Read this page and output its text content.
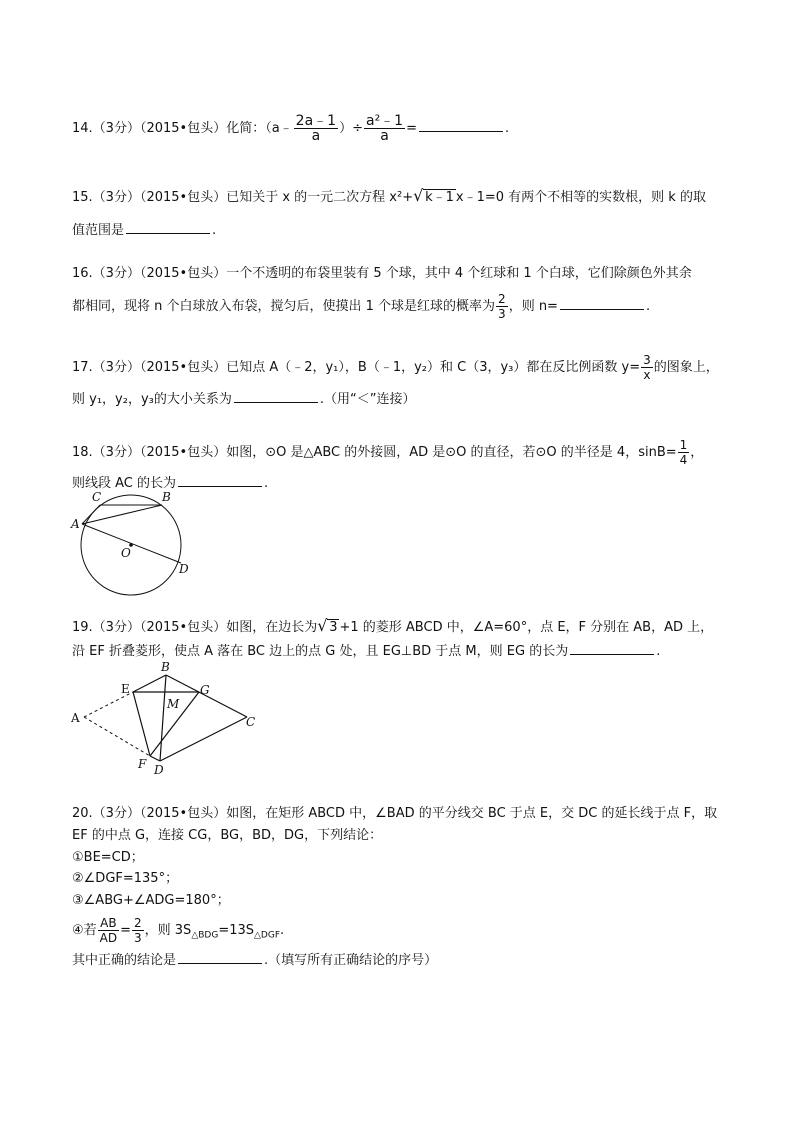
14.（3分）（2015•包头）化简：（a﹣ $\frac{2a﹣1}{a}$ ）÷ $\frac{\text{a²﹣1}}{a}$ =	.
15.（3分）（2015•包头）已知关于 x 的一元二次方程 x²+ √ k﹣1 x﹣1=0 有两个不相等的实数根，则 k 的取
值范围是	.
16.（3分）（2015•包头）一个不透明的布袋里装有 5 个球，其中 4 个红球和 1 个白球，它们除颜色外其余
都相同，现将 n 个白球放入布袋，搅匀后，使摸出 1 个球是红球的概率为 $\frac{2}{3}$ ，则 n=	.
17.（3分）（2015•包头）已知点 A（﹣2，y₁），B（﹣1，y₂）和 C（3，y₃）都在反比例函数 $y= \frac{3}{x}$ 的图象上，
则 y₁，y₂，y₃的大小关系为	.（用“＜”连接）
18.（3分）（2015•包头）如图，⊙O 是△ABC 的外接圆，AD 是⊙O 的直径，若⊙O 的半径是 4，$\sin B= \frac{1}{4}$ ，
则线段 AC 的长为	.
A
C	B
O
D
19.（3分）（2015•包头）如图，在边长为 √ 3 +1 的菱形 ABCD 中，∠A=60°，点 E，F 分别在 AB，AD 上，
沿 EF 折叠菱形，使点 A 落在 BC 边上的点 G 处，且 EG⊥BD 于点 M，则 EG 的长为	.
A
E
B
M
G
C
F D
20.（3分）（2015•包头）如图，在矩形 ABCD 中，∠BAD 的平分线交 BC 于点 E，交 DC 的延长线于点 F，取
EF 的中点 G，连接 CG，BG，BD，DG，下列结论：
①BE=CD；
②∠DGF=135°；
③∠ABG+∠ADG=180°；
④若 $\frac{AB}{AD} = \frac{2}{3}$ ，则 $3S_{\triangle BDG}=13S_{\triangle DGF}$.
其中正确的结论是	.（填写所有正确结论的序号）
